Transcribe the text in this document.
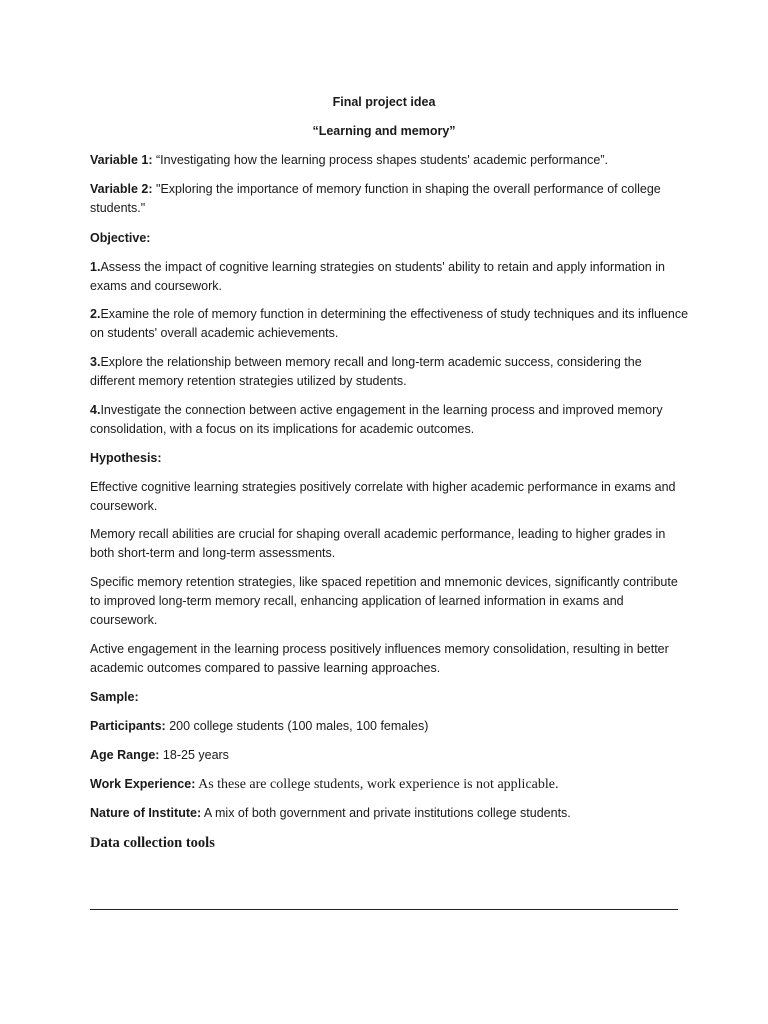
Final project idea

“Learning and memory”

Variable 1: “Investigating how the learning process shapes students' academic performance”.

Variable 2: "Exploring the importance of memory function in shaping the overall performance of college students."

Objective:

1.Assess the impact of cognitive learning strategies on students' ability to retain and apply information in exams and coursework.

2.Examine the role of memory function in determining the effectiveness of study techniques and its influence on students' overall academic achievements.

3.Explore the relationship between memory recall and long-term academic success, considering the different memory retention strategies utilized by students.

4.Investigate the connection between active engagement in the learning process and improved memory consolidation, with a focus on its implications for academic outcomes.

Hypothesis:

Effective cognitive learning strategies positively correlate with higher academic performance in exams and coursework.

Memory recall abilities are crucial for shaping overall academic performance, leading to higher grades in both short-term and long-term assessments.

Specific memory retention strategies, like spaced repetition and mnemonic devices, significantly contribute to improved long-term memory recall, enhancing application of learned information in exams and coursework.

Active engagement in the learning process positively influences memory consolidation, resulting in better academic outcomes compared to passive learning approaches.

Sample:

Participants: 200 college students (100 males, 100 females)

Age Range: 18-25 years

Work Experience: As these are college students, work experience is not applicable.

Nature of Institute: A mix of both government and private institutions college students.

Data collection tools
